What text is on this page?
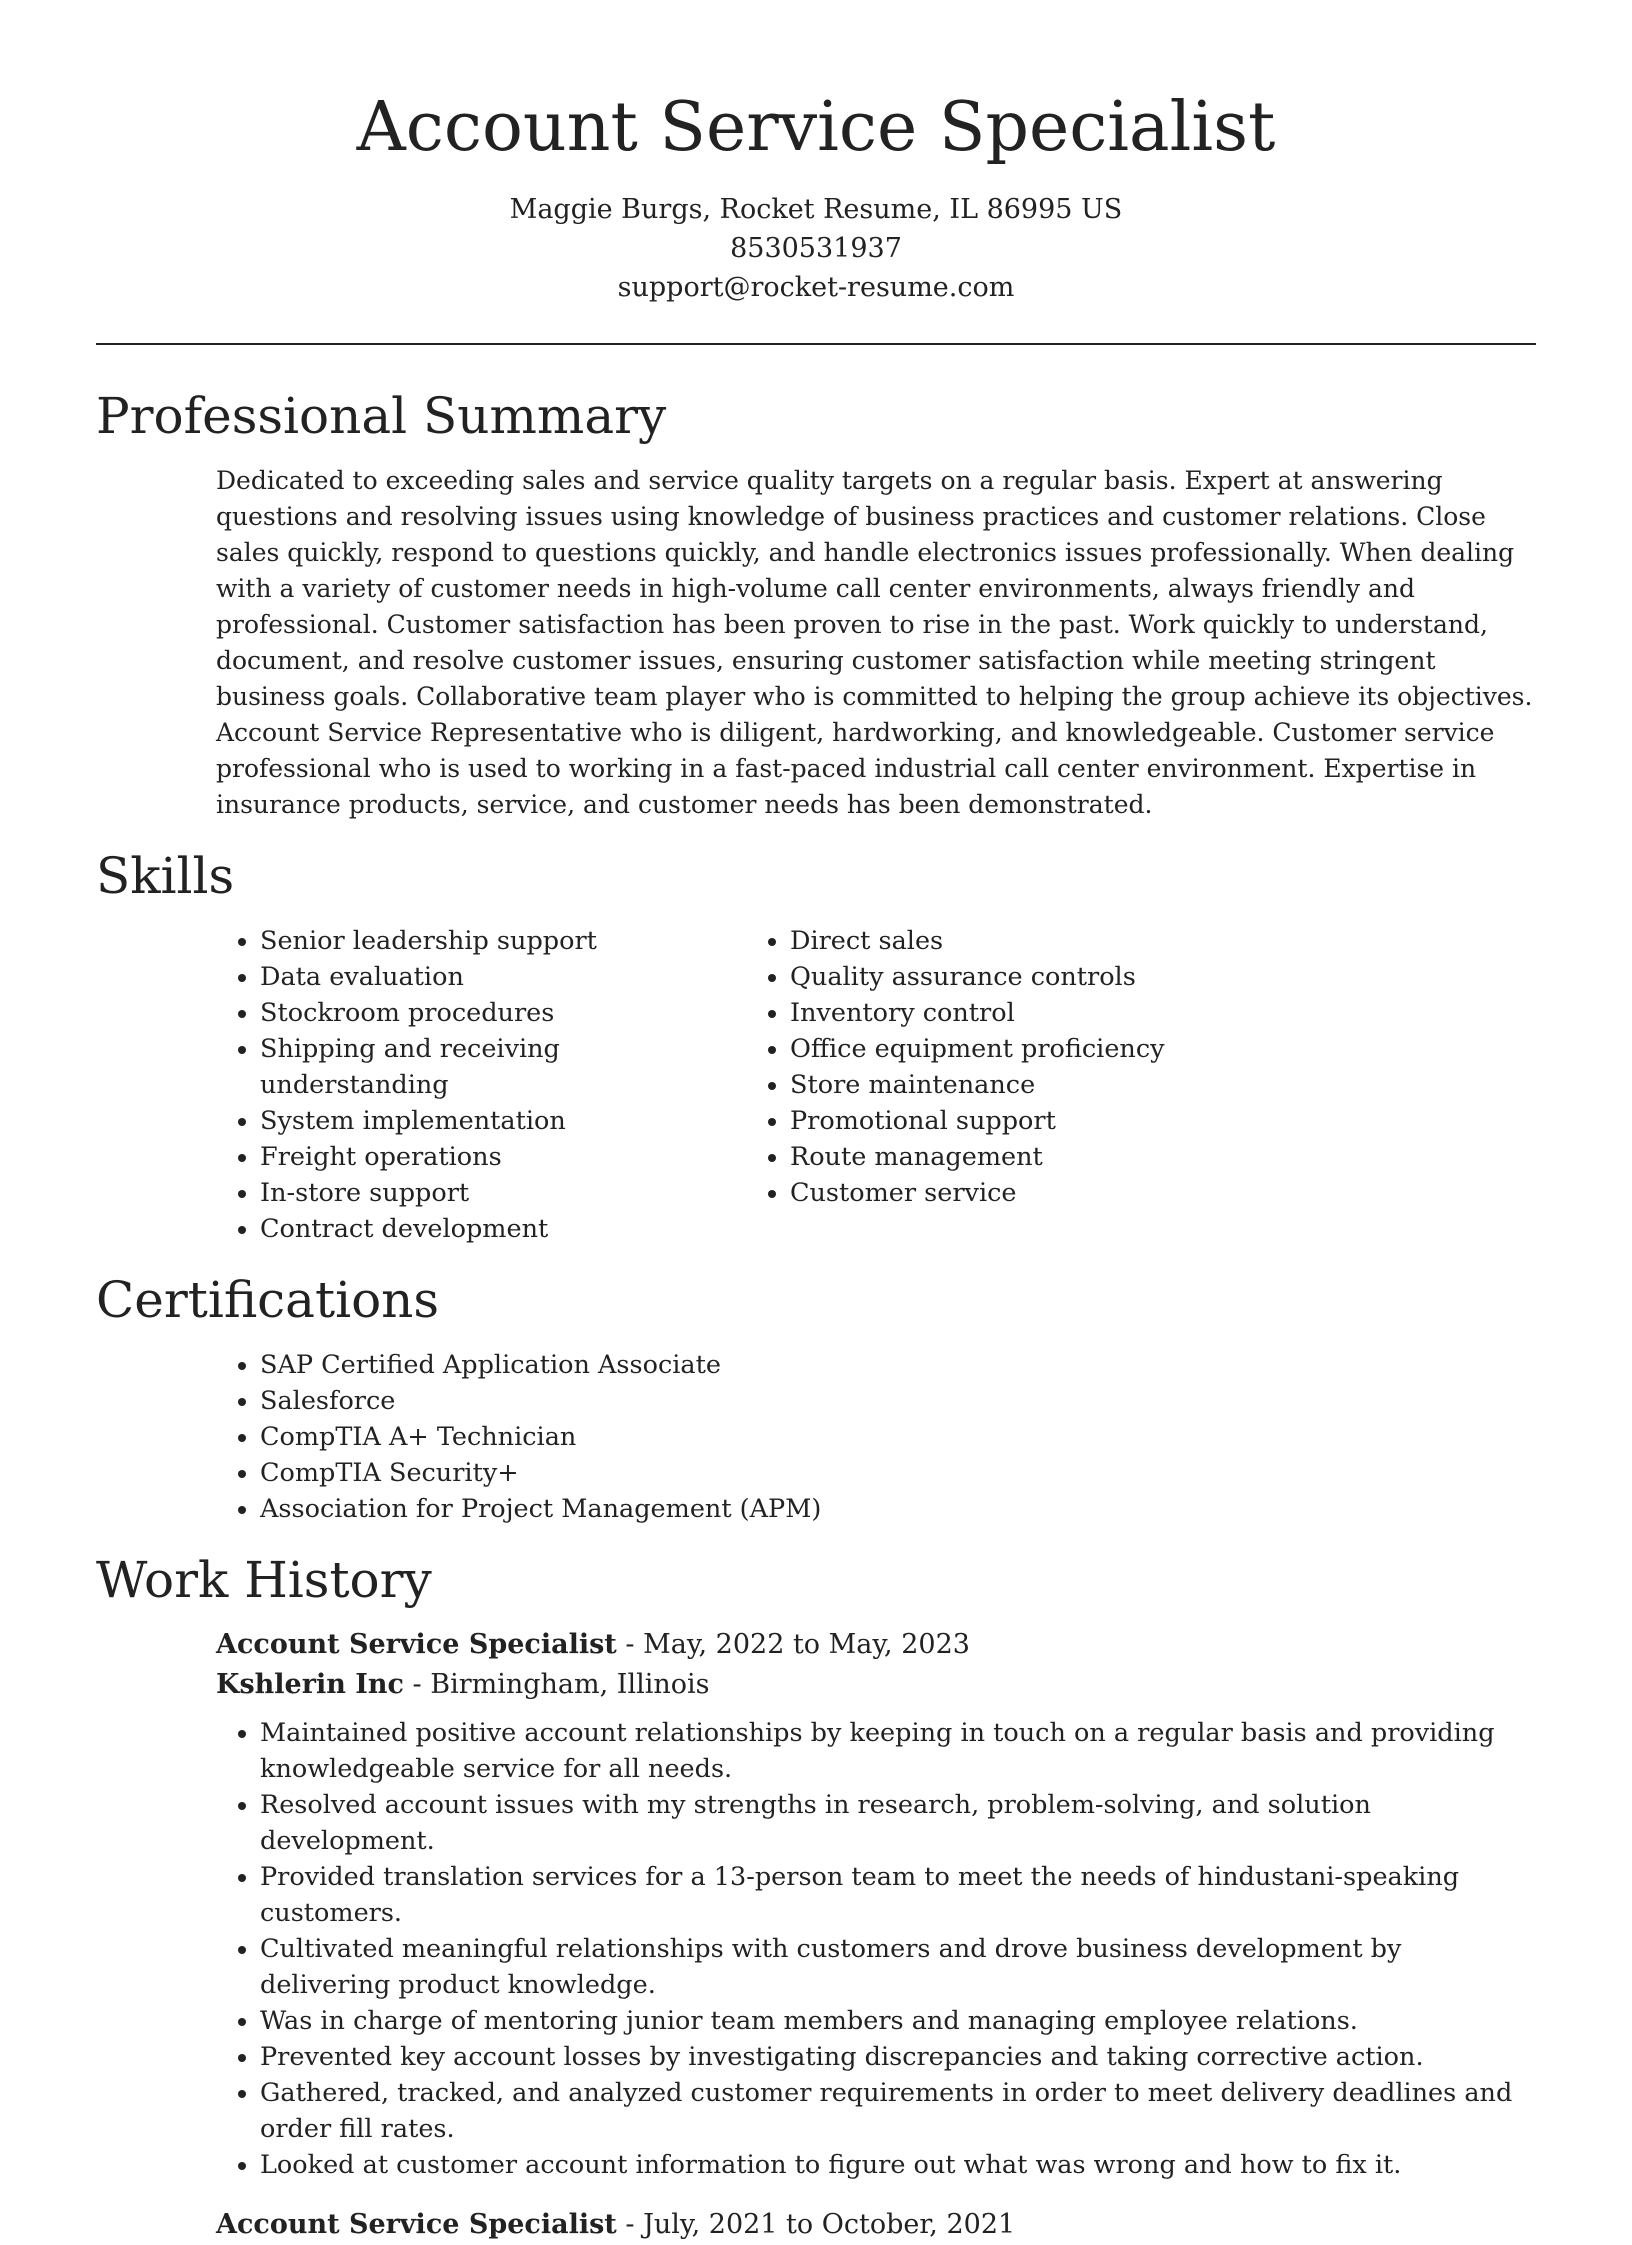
Account Service Specialist
Maggie Burgs, Rocket Resume, IL 86995 US
8530531937
support@rocket-resume.com
Professional Summary

Dedicated to exceeding sales and service quality targets on a regular basis. Expert at answering questions and resolving issues using knowledge of business practices and customer relations. Close sales quickly, respond to questions quickly, and handle electronics issues professionally. When dealing with a variety of customer needs in high-volume call center environments, always friendly and professional. Customer satisfaction has been proven to rise in the past. Work quickly to understand, document, and resolve customer issues, ensuring customer satisfaction while meeting stringent business goals. Collaborative team player who is committed to helping the group achieve its objectives. Account Service Representative who is diligent, hardworking, and knowledgeable. Customer service professional who is used to working in a fast-paced industrial call center environment. Expertise in insurance products, service, and customer needs has been demonstrated.

Skills
• Senior leadership support
• Data evaluation
• Stockroom procedures
• Shipping and receiving understanding
• System implementation
• Freight operations
• In-store support
• Contract development
• Direct sales
• Quality assurance controls
• Inventory control
• Office equipment proficiency
• Store maintenance
• Promotional support
• Route management
• Customer service
Certifications
• SAP Certified Application Associate
• Salesforce
• CompTIA A+ Technician
• CompTIA Security+
• Association for Project Management (APM)
Work History
Account Service Specialist - May, 2022 to May, 2023
Kshlerin Inc - Birmingham, Illinois
• Maintained positive account relationships by keeping in touch on a regular basis and providing knowledgeable service for all needs.
• Resolved account issues with my strengths in research, problem-solving, and solution development.
• Provided translation services for a 13-person team to meet the needs of hindustani-speaking customers.
• Cultivated meaningful relationships with customers and drove business development by delivering product knowledge.
• Was in charge of mentoring junior team members and managing employee relations.
• Prevented key account losses by investigating discrepancies and taking corrective action.
• Gathered, tracked, and analyzed customer requirements in order to meet delivery deadlines and order fill rates.
• Looked at customer account information to figure out what was wrong and how to fix it.
Account Service Specialist - July, 2021 to October, 2021
